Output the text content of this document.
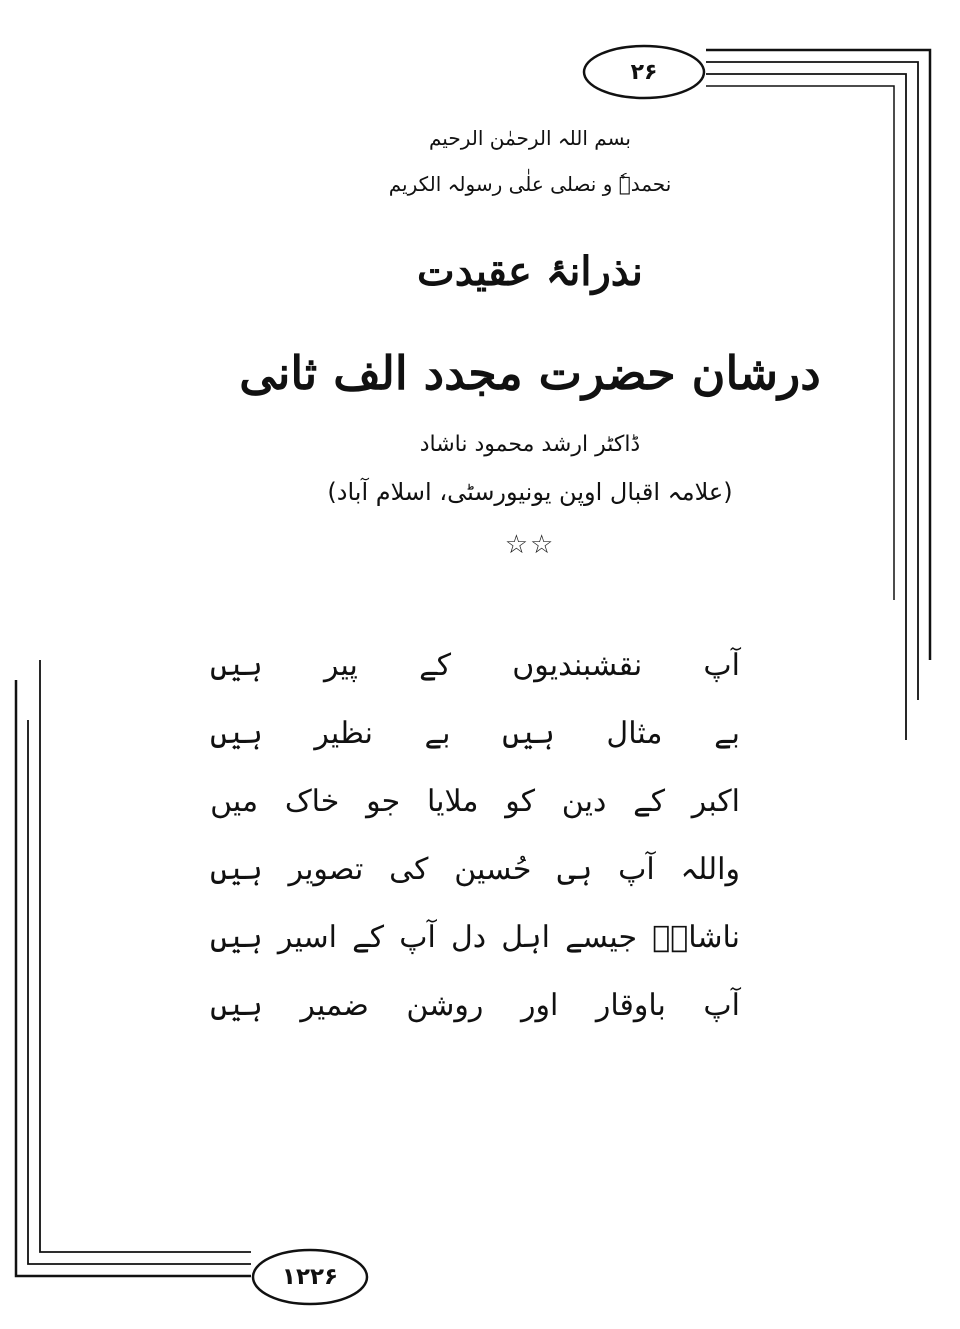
۲۶
۱۲۲۶
بسم اللہ الرحمٰن الرحیم
نحمدہٗ و نصلی علٰی رسولہ الکریم
نذرانۂ عقیدت
درشان حضرت مجدد الف ثانی
ڈاکٹر ارشد محمود ناشاد
(علامہ اقبال اوپن یونیورسٹی، اسلام آباد)
☆☆
آپ
نقشبندیوں
کے
پیر
ہیں
بے
مثال
ہیں
بے
نظیر
ہیں
اکبر
کے
دین
کو
ملایا
جو
خاک
میں
واللہ
آپ
ہی
حُسین
کی
تصویر
ہیں
ناشادؔ
جیسے
اہل
دل
آپ
کے
اسیر
ہیں
آپ
باوقار
اور
روشن
ضمیر
ہیں
